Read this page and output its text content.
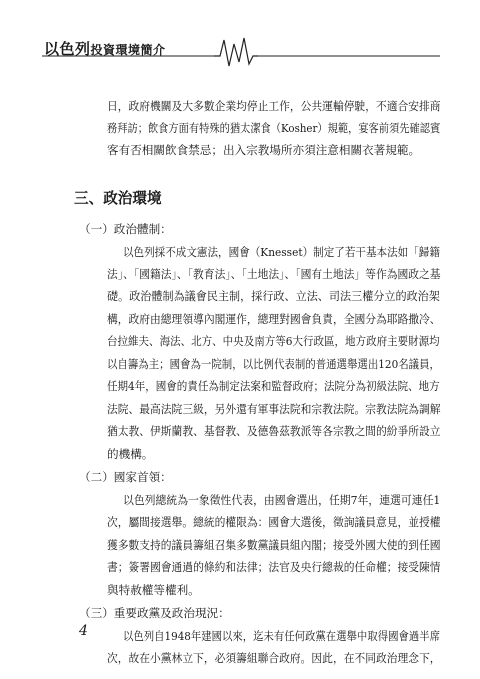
以色列投資環境簡介
日，政府機關及大多數企業均停止工作，公共運輸停駛，不適合安排商
務拜訪；飲食方面有特殊的猶太潔食（Kosher）規範，宴客前須先確認賓
客有否相關飲食禁忌；出入宗教場所亦須注意相關衣著規範。
三、政治環境
（一）政治體制：
以色列採不成文憲法，國會（Knesset）制定了若干基本法如「歸籍
法」、「國籍法」、「教育法」、「土地法」、「國有土地法」等作為國政之基
礎。政治體制為議會民主制，採行政、立法、司法三權分立的政治架
構，政府由總理領導內閣運作，總理對國會負責，全國分為耶路撒冷、
台拉維夫、海法、北方、中央及南方等6大行政區，地方政府主要財源均
以自籌為主；國會為一院制，以比例代表制的普通選舉選出120名議員，
任期4年，國會的責任為制定法案和監督政府；法院分為初級法院、地方
法院、最高法院三級，另外還有軍事法院和宗教法院。宗教法院為調解
猶太教、伊斯蘭教、基督教、及德魯茲教派等各宗教之間的紛爭所設立
的機構。
（二）國家首領：
以色列總統為一象徵性代表，由國會選出，任期7年，連選可連任1
次，屬間接選舉。總統的權限為：國會大選後，徵詢議員意見，並授權
獲多數支持的議員籌組召集多數黨議員組內閣；接受外國大使的到任國
書；簽署國會通過的條約和法律；法官及央行總裁的任命權；接受陳情
與特赦權等權利。
（三）重要政黨及政治現況：
以色列自1948年建國以來，迄未有任何政黨在選舉中取得國會過半席
次，故在小黨林立下，必須籌組聯合政府。因此，在不同政治理念下，
4
